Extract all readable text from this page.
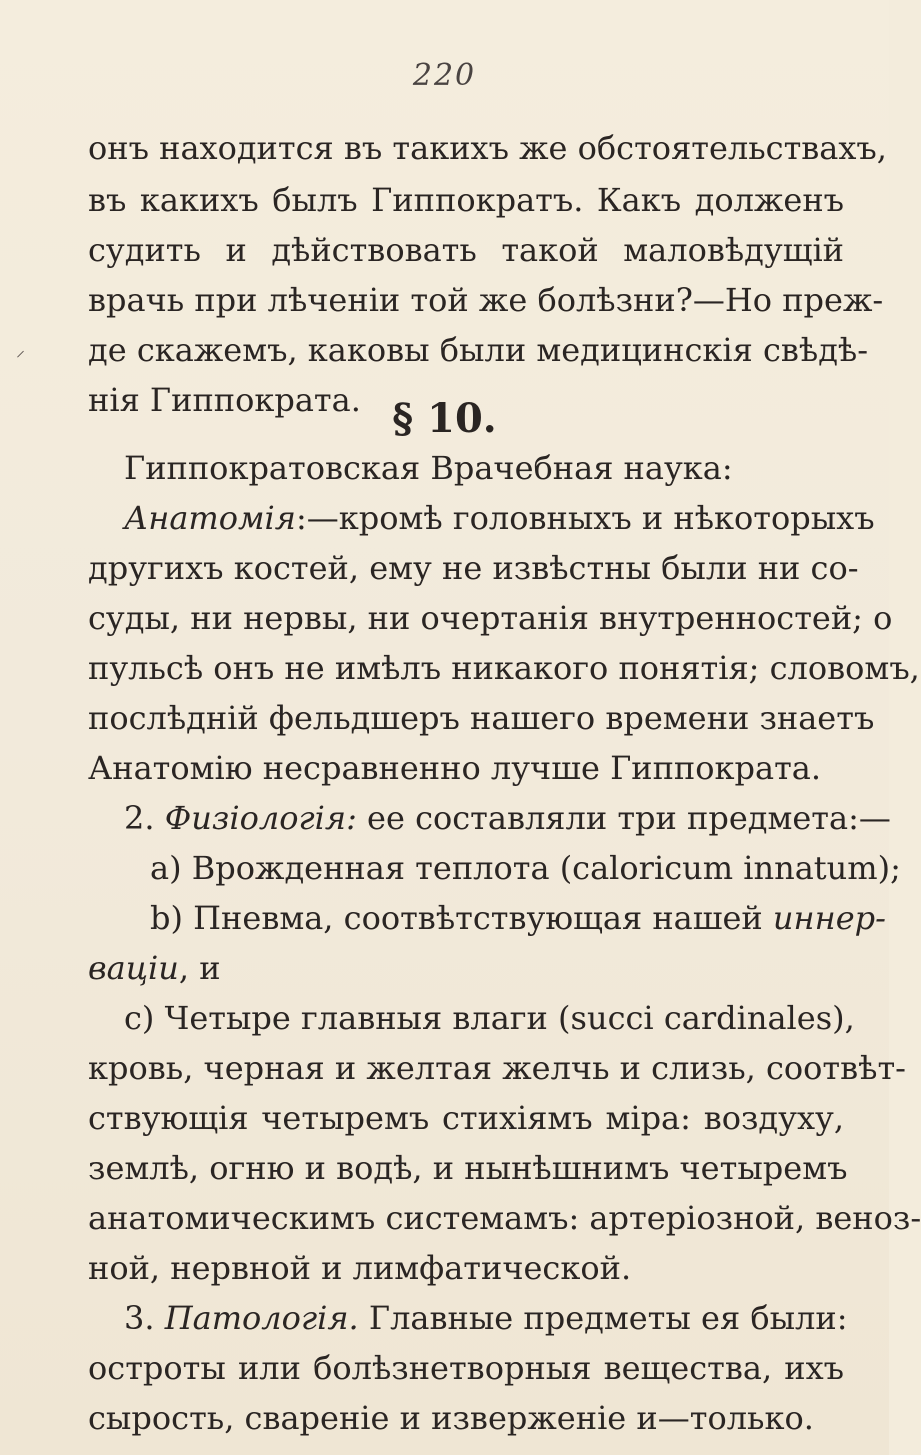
220
⸝
онъ находится въ такихъ же обстоятельствахъ,
въ какихъ былъ Гиппократъ. Какъ долженъ
судить и дѣйствовать такой маловѣдущій
врачь при лѣченіи той же болѣзни?—Но преж-
де скажемъ, каковы были медицинскія свѣдѣ-
нія Гиппократа. § 10.
Гиппократовская Врачебная наука:
Анатомія:—кромѣ головныхъ и нѣкоторыхъ
другихъ костей, ему не извѣстны были ни со-
суды, ни нервы, ни очертанія внутренностей; о
пульсѣ онъ не имѣлъ никакого понятія; словомъ,
послѣдній фельдшеръ нашего времени знаетъ
Анатомію несравненно лучше Гиппократа.
2. Физіологія: ее составляли три предмета:—
а) Врожденная теплота (caloricum innatum);
b) Пневма, соотвѣтствующая нашей иннер-
ваціи, и
с) Четыре главныя влаги (succi cardinales),
кровь, черная и желтая желчь и слизь, соотвѣт-
ствующія четыремъ стихіямъ міра: воздуху,
землѣ, огню и водѣ, и нынѣшнимъ четыремъ
анатомическимъ системамъ: артеріозной, веноз-
ной, нервной и лимфатической.
3. Патологія. Главные предметы ея были:
остроты или болѣзнетворныя вещества, ихъ
сырость, свареніе и изверженіе и—только.
